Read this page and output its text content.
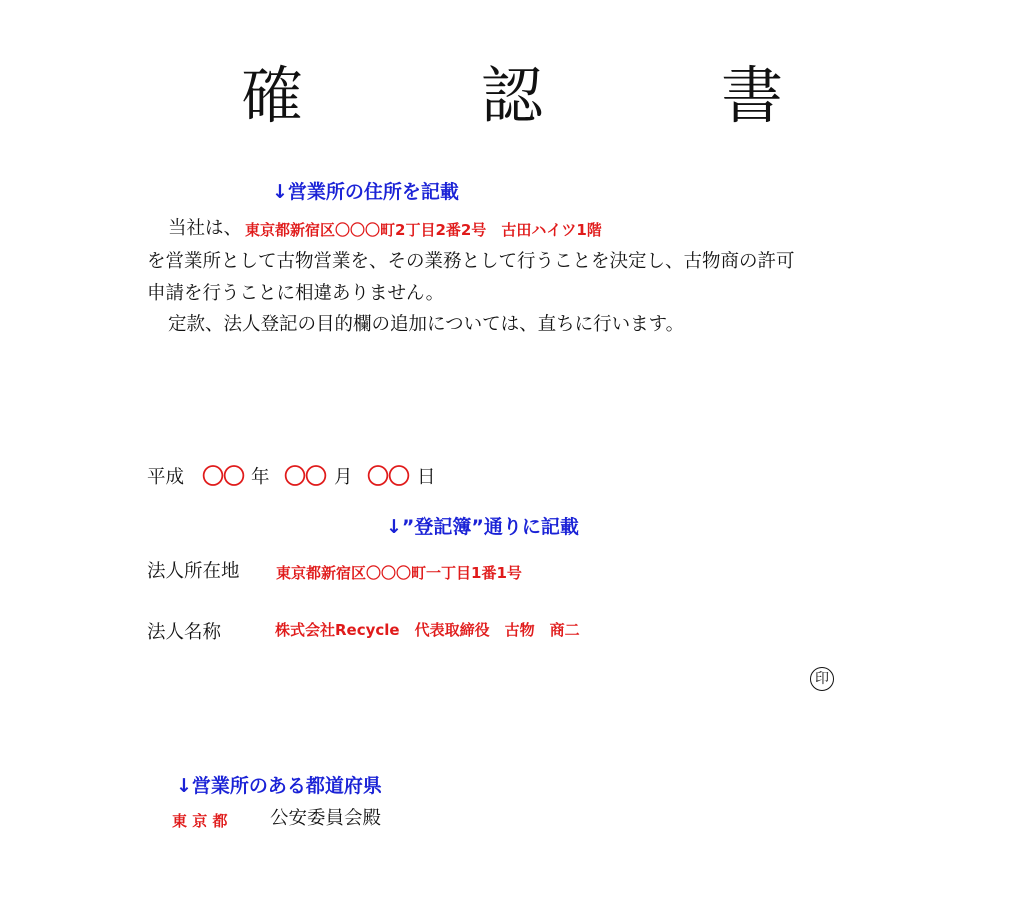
確　認　書
↓営業所の住所を記載
当社は、 東京都新宿区〇〇〇町2丁目2番2号　古田ハイツ1階
を営業所として古物営業を、その業務として行うことを決定し、古物商の許可
申請を行うことに相違ありません。
定款、法人登記の目的欄の追加については、直ちに行います。
平成 〇〇 年 〇〇 月 〇〇 日
↓”登記簿”通りに記載
法人所在地 東京都新宿区〇〇〇町一丁目1番1号
法人名称	株式会社Recycle　代表取締役　古物　商二
印
↓営業所のある都道府県
東 京 都 公安委員会殿
